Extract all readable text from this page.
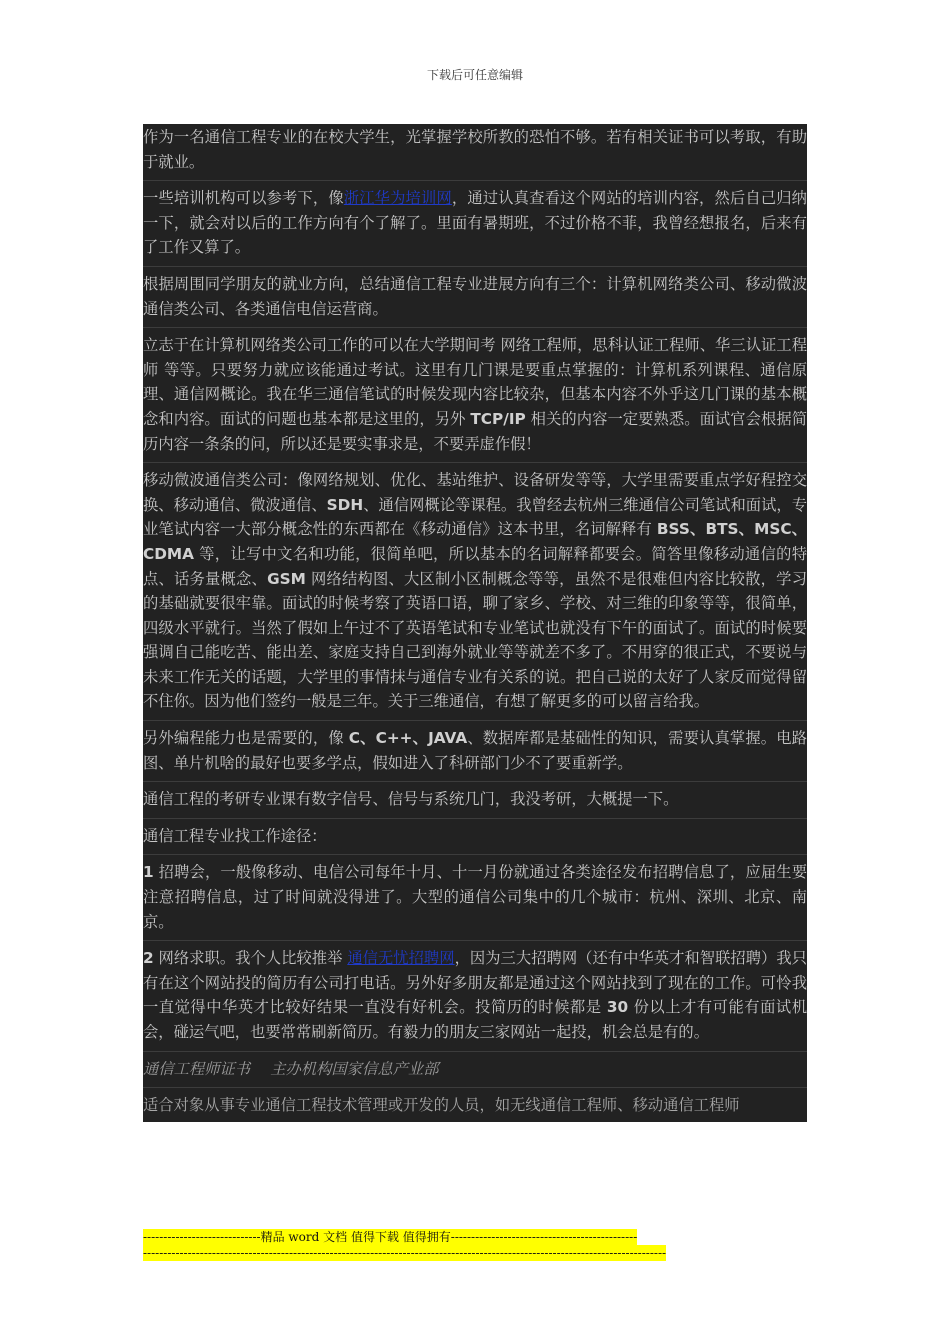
下载后可任意编辑
作为一名通信工程专业的在校大学生，光掌握学校所教的恐怕不够。若有相关证书可以考取，有助于就业。
一些培训机构可以参考下，像浙江华为培训网，通过认真查看这个网站的培训内容，然后自己归纳一下，就会对以后的工作方向有个了解了。里面有暑期班，不过价格不菲，我曾经想报名，后来有了工作又算了。
根据周围同学朋友的就业方向，总结通信工程专业进展方向有三个：计算机网络类公司、移动微波通信类公司、各类通信电信运营商。
立志于在计算机网络类公司工作的可以在大学期间考 网络工程师，思科认证工程师、华三认证工程师 等等。只要努力就应该能通过考试。这里有几门课是要重点掌握的：计算机系列课程、通信原理、通信网概论。我在华三通信笔试的时候发现内容比较杂，但基本内容不外乎这几门课的基本概念和内容。面试的问题也基本都是这里的，另外 TCP/IP 相关的内容一定要熟悉。面试官会根据简历内容一条条的问，所以还是要实事求是，不要弄虚作假！
移动微波通信类公司：像网络规划、优化、基站维护、设备研发等等，大学里需要重点学好程控交换、移动通信、微波通信、SDH、通信网概论等课程。我曾经去杭州三维通信公司笔试和面试，专业笔试内容一大部分概念性的东西都在《移动通信》这本书里，名词解释有 BSS、BTS、MSC、CDMA 等，让写中文名和功能，很简单吧，所以基本的名词解释都要会。简答里像移动通信的特点、话务量概念、GSM 网络结构图、大区制小区制概念等等，虽然不是很难但内容比较散，学习的基础就要很牢靠。面试的时候考察了英语口语，聊了家乡、学校、对三维的印象等等，很简单，四级水平就行。当然了假如上午过不了英语笔试和专业笔试也就没有下午的面试了。面试的时候要强调自己能吃苦、能出差、家庭支持自己到海外就业等等就差不多了。不用穿的很正式，不要说与未来工作无关的话题，大学里的事情抹与通信专业有关系的说。把自己说的太好了人家反而觉得留不住你。因为他们签约一般是三年。关于三维通信，有想了解更多的可以留言给我。
另外编程能力也是需要的，像 C、C++、JAVA、数据库都是基础性的知识，需要认真掌握。电路图、单片机啥的最好也要多学点，假如进入了科研部门少不了要重新学。
通信工程的考研专业课有数字信号、信号与系统几门，我没考研，大概提一下。
通信工程专业找工作途径：
1 招聘会，一般像移动、电信公司每年十月、十一月份就通过各类途径发布招聘信息了，应届生要注意招聘信息，过了时间就没得进了。大型的通信公司集中的几个城市：杭州、深圳、北京、南京。
2 网络求职。我个人比较推举 通信无忧招聘网，因为三大招聘网（还有中华英才和智联招聘）我只有在这个网站投的简历有公司打电话。另外好多朋友都是通过这个网站找到了现在的工作。可怜我一直觉得中华英才比较好结果一直没有好机会。投简历的时候都是 30 份以上才有可能有面试机会，碰运气吧，也要常常刷新简历。有毅力的朋友三家网站一起投，机会总是有的。
通信工程师证书　 主办机构国家信息产业部
适合对象从事专业通信工程技术管理或开发的人员，如无线通信工程师、移动通信工程师
-----------------------------精品 word 文档 值得下载 值得拥有----------------------------------------------
---------------------------------------------------------------------------------------------------------------------------------
